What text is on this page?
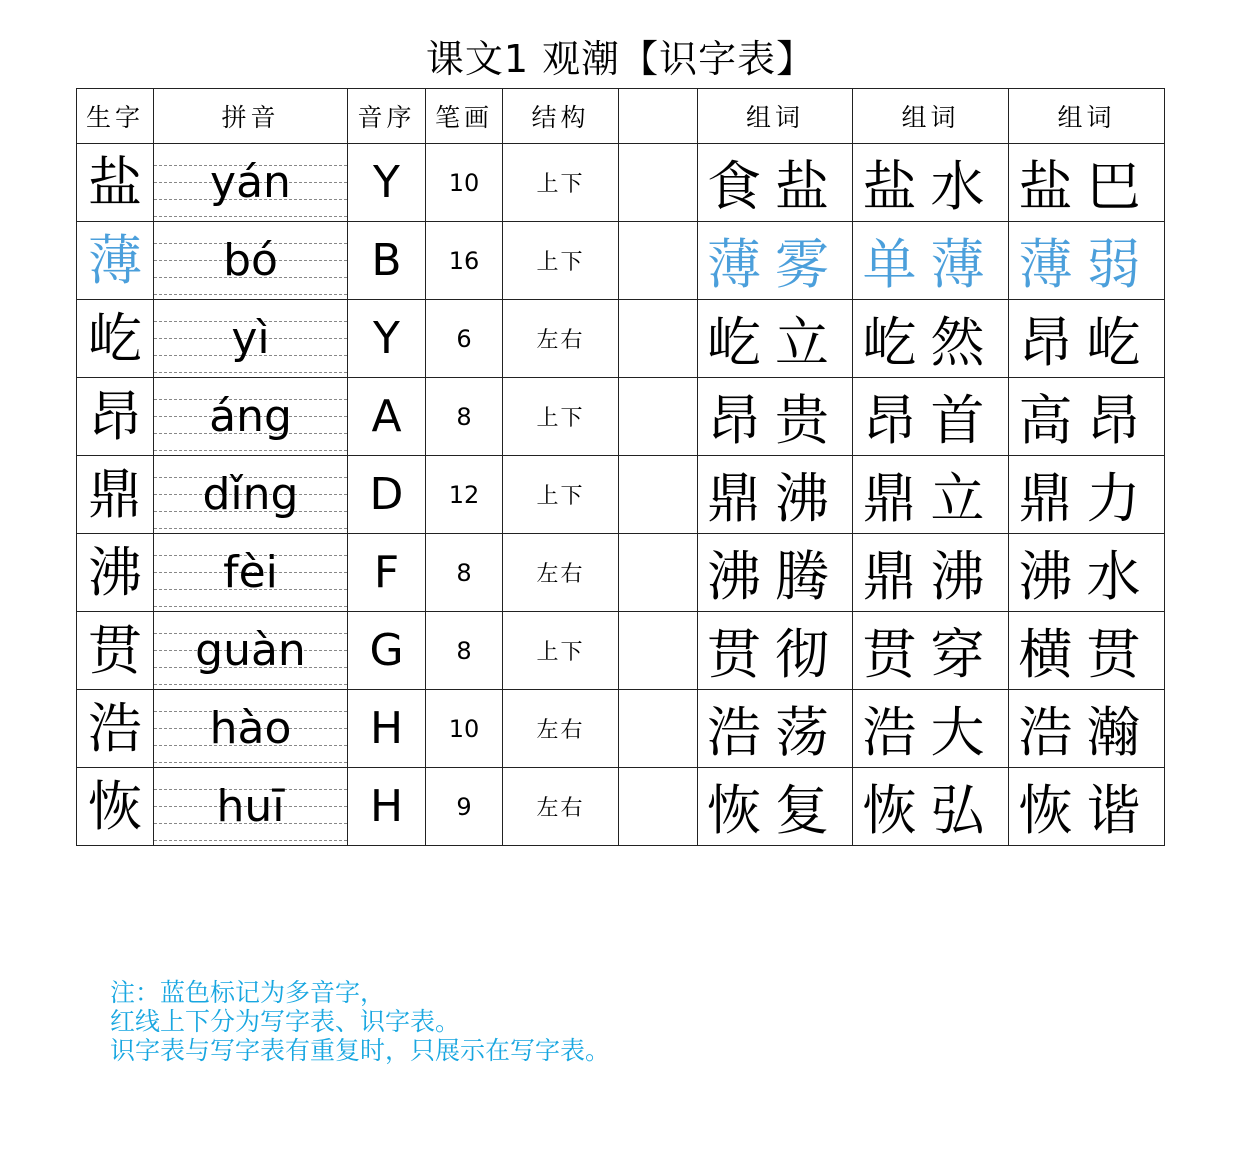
课文1 观潮【识字表】
生字	拼音	音序	笔画	结构		组词	组词	组词
盐	yán	Y	10	上下		食盐	盐水	盐巴
薄	bó	B	16	上下		薄雾	单薄	薄弱
屹	yì	Y	6	左右		屹立	屹然	昂屹
昂	áng	A	8	上下		昂贵	昂首	高昂
鼎	dǐng	D	12	上下		鼎沸	鼎立	鼎力
沸	fèi	F	8	左右		沸腾	鼎沸	沸水
贯	guàn	G	8	上下		贯彻	贯穿	横贯
浩	hào	H	10	左右		浩荡	浩大	浩瀚
恢	huī	H	9	左右		恢复	恢弘	恢谐
注：蓝色标记为多音字，
红线上下分为写字表、识字表。
识字表与写字表有重复时，只展示在写字表。
